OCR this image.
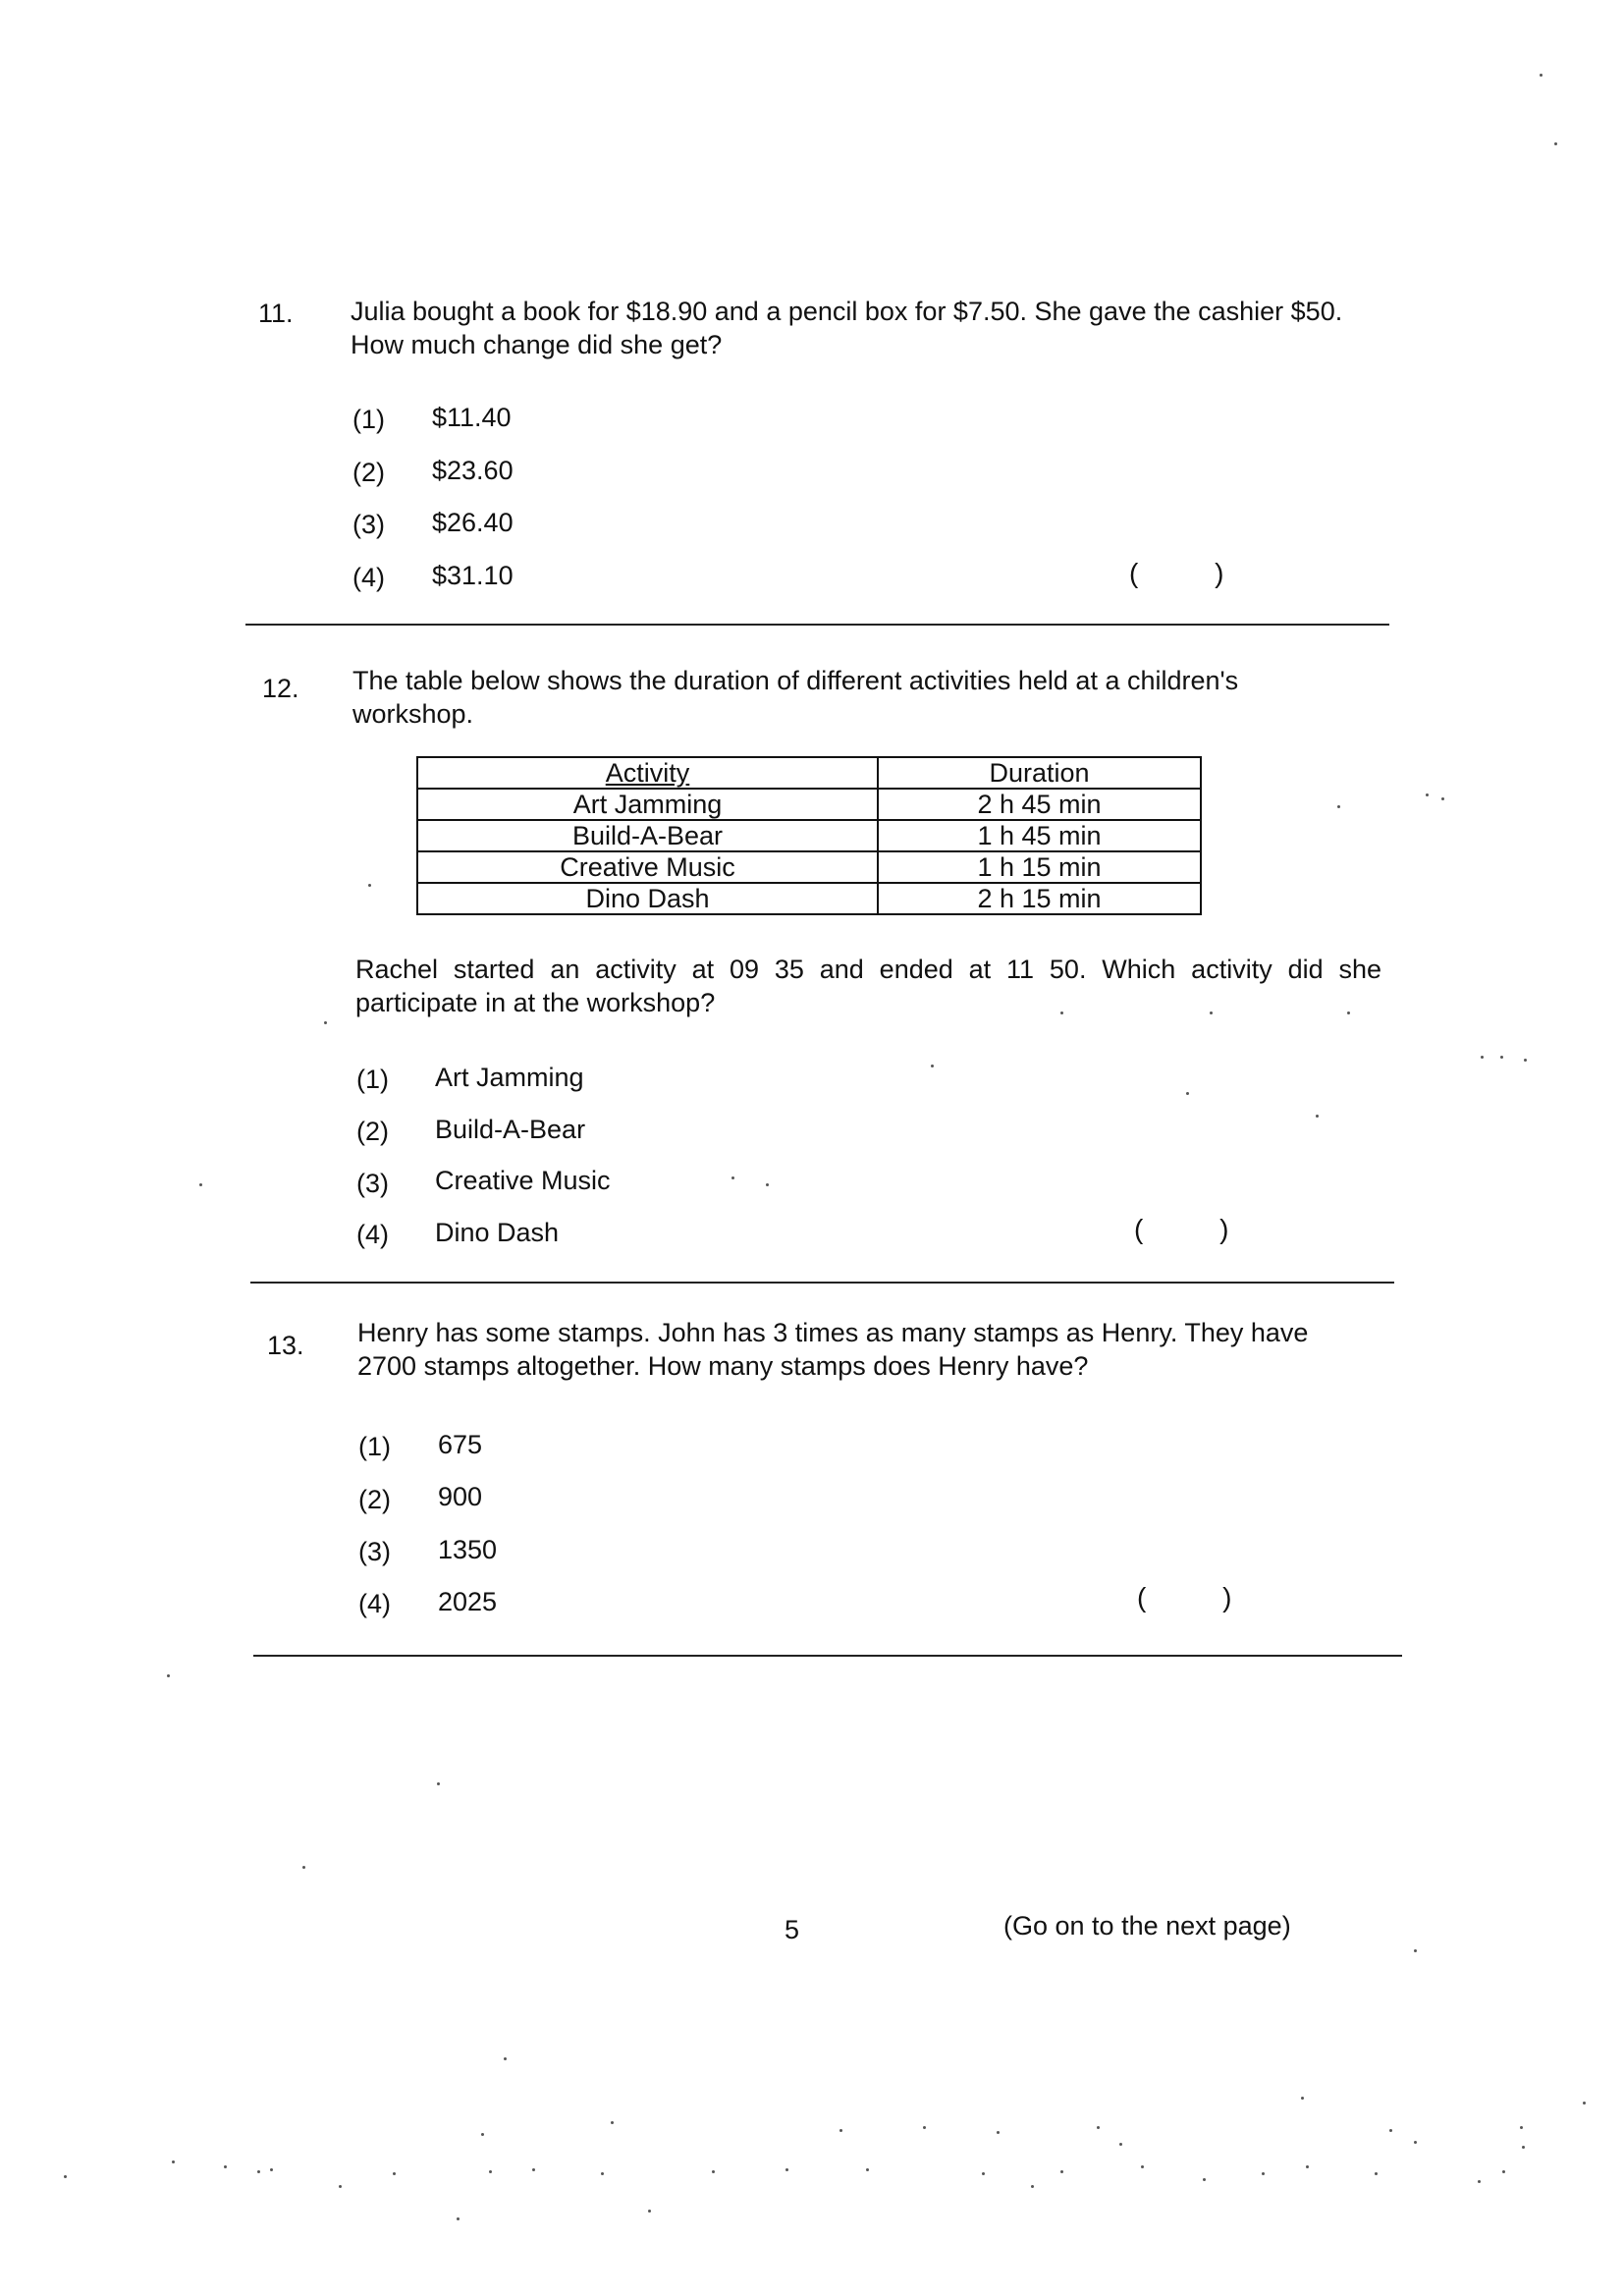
11. Julia bought a book for $18.90 and a pencil box for $7.50. She gave the cashier $50. How much change did she get?
(1) $11.40
(2) $23.60
(3) $26.40
(4) $31.10	(          )
12. The table below shows the duration of different activities held at a children's workshop.
Activity	Duration
Art Jamming	2 h 45 min
Build-A-Bear	1 h 45 min
Creative Music	1 h 15 min
Dino Dash	2 h 15 min
Rachel started an activity at 09 35 and ended at 11 50. Which activity did she participate in at the workshop?
(1) Art Jamming
(2) Build-A-Bear
(3) Creative Music
(4) Dino Dash	(          )
13. Henry has some stamps. John has 3 times as many stamps as Henry. They have 2700 stamps altogether. How many stamps does Henry have?
(1) 675
(2) 900
(3) 1350
(4) 2025	(          )
5	(Go on to the next page)
